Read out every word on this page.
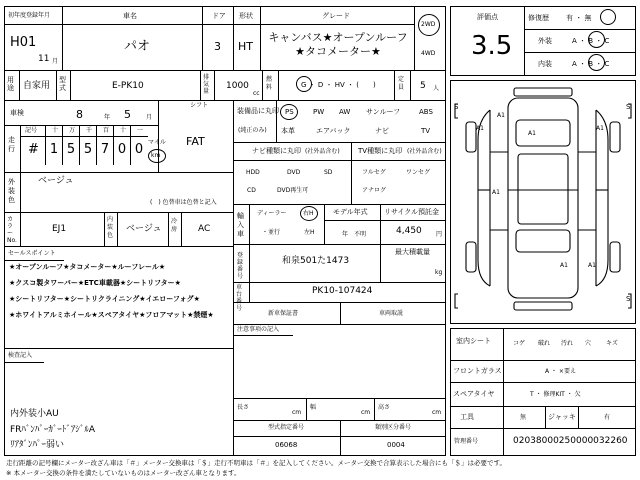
初年度登録年月
H01
11 月
車名
パオ
ドア
3
形状
HT
グレード
キャンバス★オープンルーフ★タコメーター★
2WD
4WD
用途 自家用
型式	E-PK10
排気量
1000
cc
燃料	G ・ D ・ HV ・ (　　)
定員 5 人
車検	8	年 5	月
シフト
FAT
走行
記号 十 万 千 百 十 一
# 1 5 5 7 0 0 マイル
km
外装色
ベージュ
(　) 色替車は色替と記入
カラー No.
EJ1
内装色
ベージュ
冷房 AC
セールスポイント
★オープンルーフ★タコメーター★ルーフレール★
★クスコ製タワーバー★ETC車載器★シートリフター★
★シートリフター★シートリクライニング★イエローフォグ★
★ホワイトアルミホイール★スペアタイヤ★フロアマット★禁煙★
検査記入
内外装小AU
FRﾊﾞﾝﾊﾟｰｶﾞｰﾄﾞｱｼﾞﾙA
ﾘｱﾀﾞﾝﾊﾟｰ弱い
装備品に丸印
(純正のみ)
PS	PW AW サンルーフ	ABS
本革	エアバック	ナビ	TV
ナビ種類に丸印 (社外品含む)
HDD	DVD	SD
CD	DVD再生可
TV種類に丸印 (社外品含む)
フルセグ	ワンセグ
アナログ
輸入車
ディーラー
・並行
右H
左H
モデル年式
年　不明
リサイクル預託金
4,450 円
登録番号
和泉501た1473
最大積載量
kg
車台番号
PK10-107424
新車保証書	車両取説
注意事項の記入
長さ
cm
幅
cm
高さ
cm
型式指定番号
06068
類別区分番号
0004
評価点
3.5
修復歴 有 ・ 無
外装	A ・ B ・ C
内装	A ・ B ・ C
S	S
A1
A1	A1
A1
A1
A1	A1
S
室内シート	コゲ 破れ 汚れ 穴 キズ
フロントガラス	A ・ ×要え
スペアタイヤ	T ・ 修理KIT ・ 欠
工具	無	ジャッキ	有
管理番号	020380002500000322​60
走行距離の記号欄にメーター改ざん車は「＃」メーター交換車は「＄」走行不明車は「＃」を記入してください。メーター交換で合算表示した場合にも「＄」は必要です。
※ 本メーター交換の条件を満たしていないものはメーター改ざん車となります。
